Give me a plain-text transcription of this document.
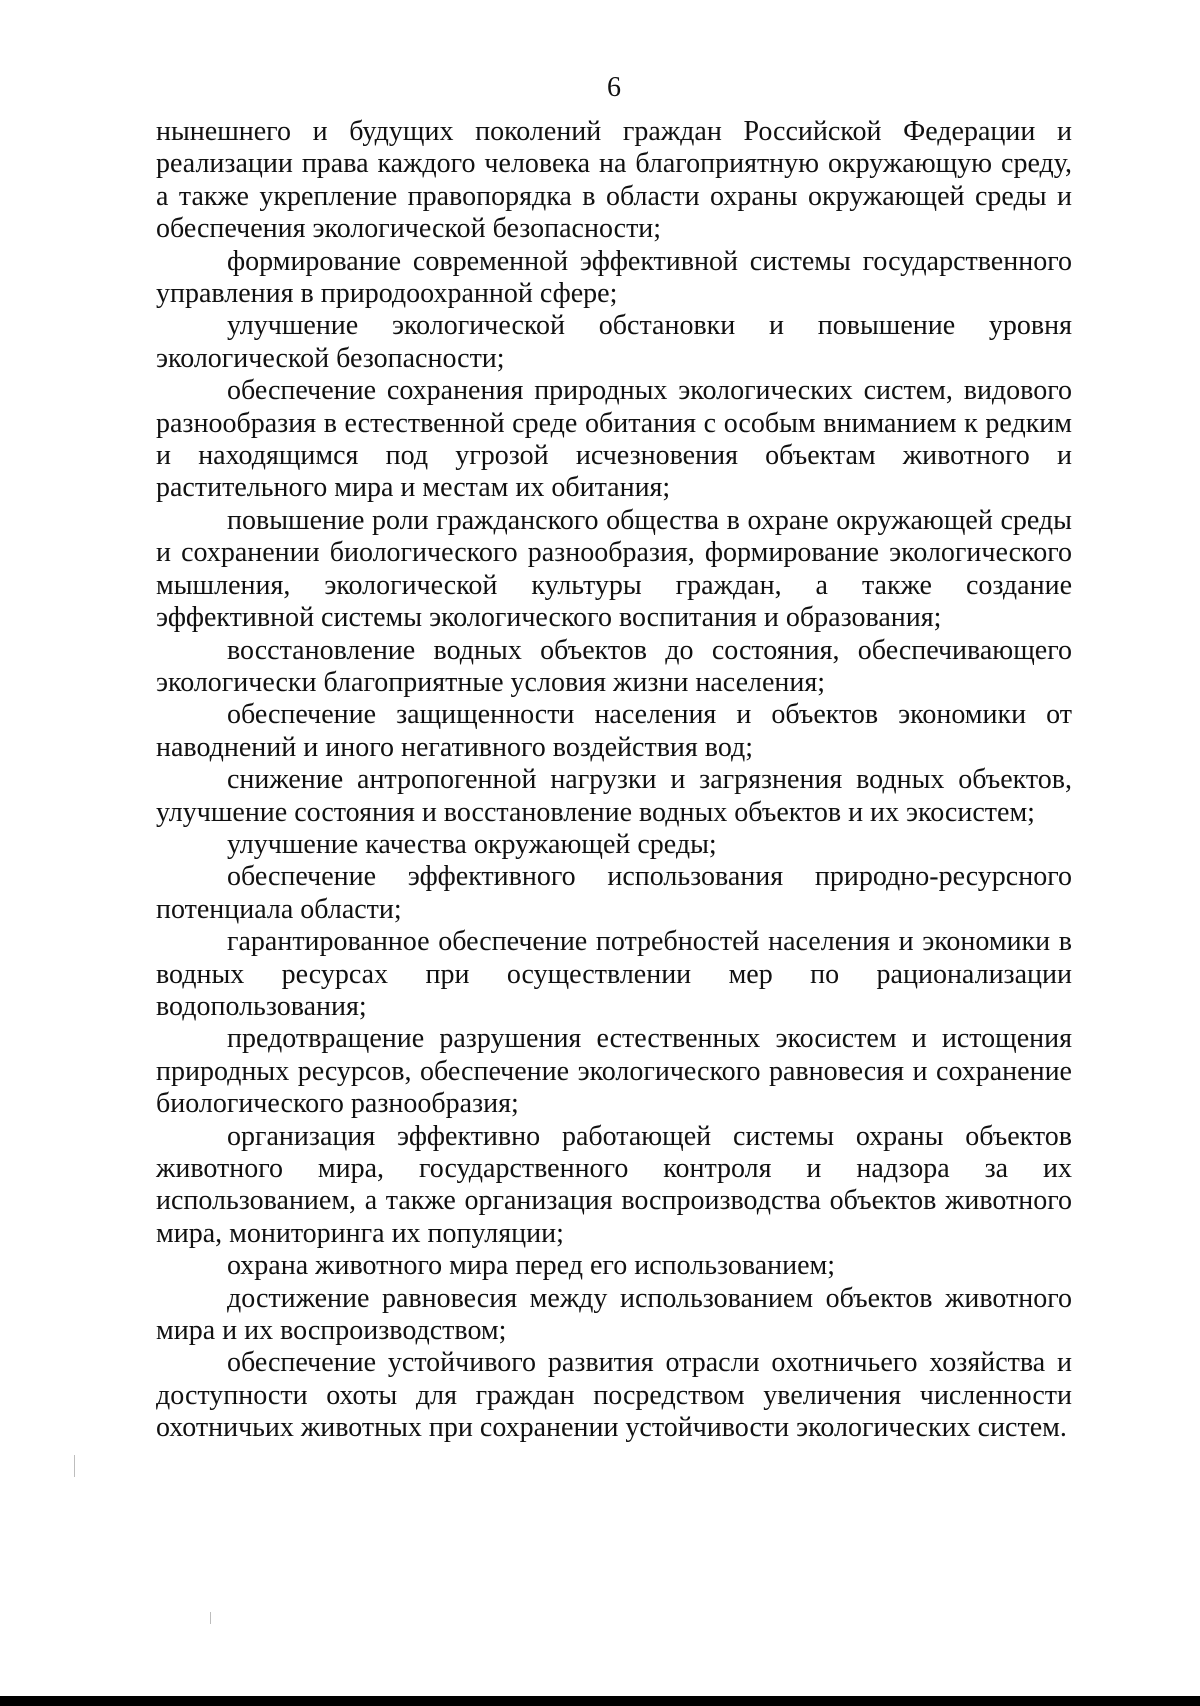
6

нынешнего и будущих поколений граждан Российской Федерации и реализации права каждого человека на благоприятную окружающую среду, а также укрепление правопорядка в области охраны окружающей среды и обеспечения экологической безопасности;

формирование современной эффективной системы государственного управления в природоохранной сфере;

улучшение экологической обстановки и повышение уровня экологической безопасности;

обеспечение сохранения природных экологических систем, видового разнообразия в естественной среде обитания с особым вниманием к редким и находящимся под угрозой исчезновения объектам животного и растительного мира и местам их обитания;

повышение роли гражданского общества в охране окружающей среды и сохранении биологического разнообразия, формирование экологического мышления, экологической культуры граждан, а также создание эффективной системы экологического воспитания и образования;

восстановление водных объектов до состояния, обеспечивающего экологически благоприятные условия жизни населения;

обеспечение защищенности населения и объектов экономики от наводнений и иного негативного воздействия вод;

снижение антропогенной нагрузки и загрязнения водных объектов, улучшение состояния и восстановление водных объектов и их экосистем;

улучшение качества окружающей среды;

обеспечение эффективного использования природно-ресурсного потенциала области;

гарантированное обеспечение потребностей населения и экономики в водных ресурсах при осуществлении мер по рационализации водопользования;

предотвращение разрушения естественных экосистем и истощения природных ресурсов, обеспечение экологического равновесия и сохранение биологического разнообразия;

организация эффективно работающей системы охраны объектов животного мира, государственного контроля и надзора за их использованием, а также организация воспроизводства объектов животного мира, мониторинга их популяции;

охрана животного мира перед его использованием;

достижение равновесия между использованием объектов животного мира и их воспроизводством;

обеспечение устойчивого развития отрасли охотничьего хозяйства и доступности охоты для граждан посредством увеличения численности охотничьих животных при сохранении устойчивости экологических систем.
